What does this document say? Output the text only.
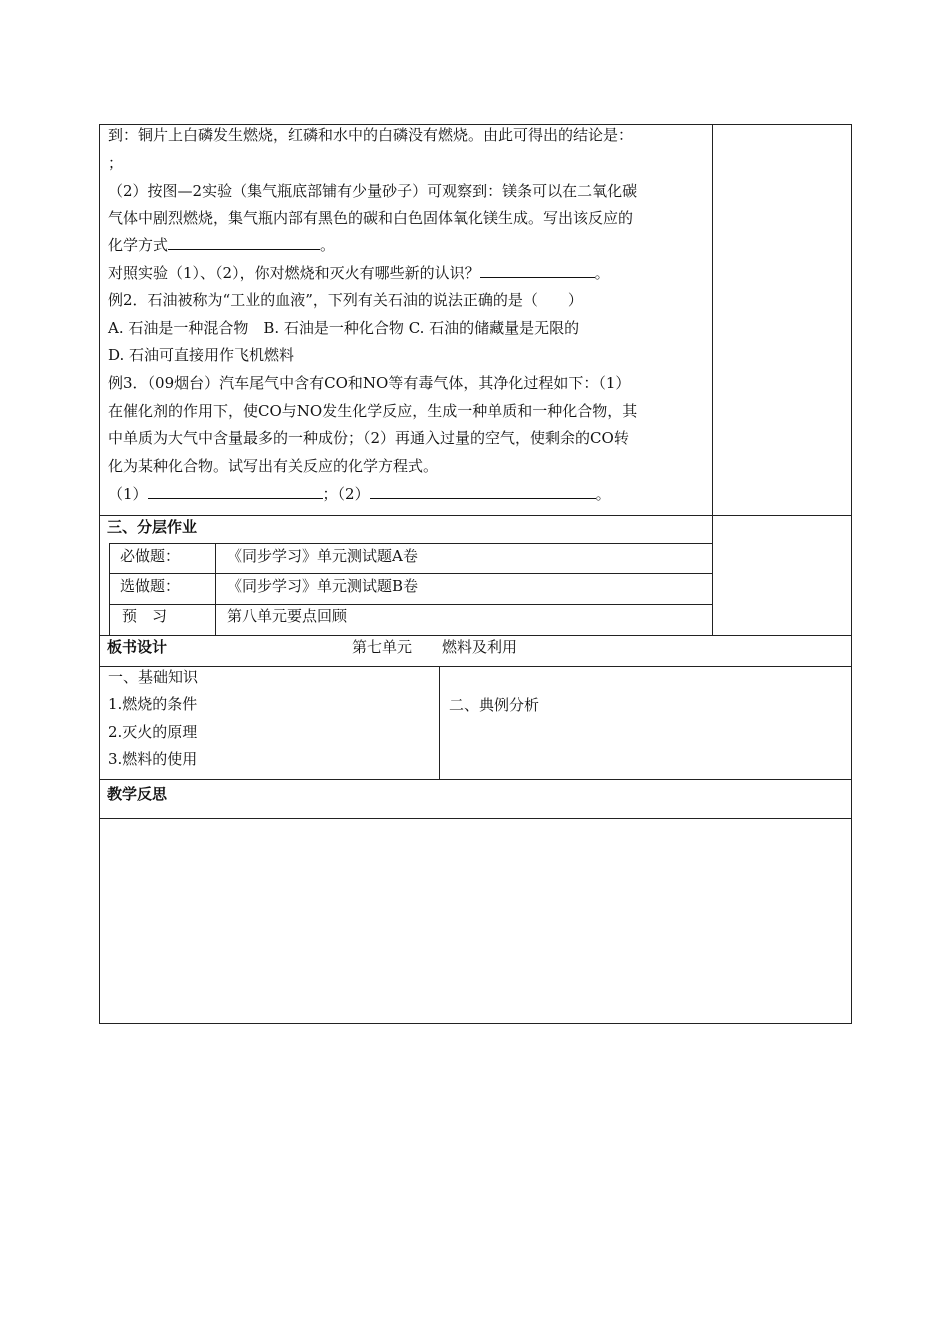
到：铜片上白磷发生燃烧，红磷和水中的白磷没有燃烧。由此可得出的结论是：
；
（2）按图—2实验（集气瓶底部铺有少量砂子）可观察到：镁条可以在二氧化碳
气体中剧烈燃烧，集气瓶内部有黑色的碳和白色固体氧化镁生成。写出该反应的
化学方式	。
对照实验（1）、（2），你对燃烧和灭火有哪些新的认识？	。
例2．石油被称为“工业的血液”，下列有关石油的说法正确的是（　　）
A. 石油是一种混合物　B. 石油是一种化合物 C. 石油的储藏量是无限的
D. 石油可直接用作飞机燃料
例3．（09烟台）汽车尾气中含有CO和NO等有毒气体，其净化过程如下：（1）
在催化剂的作用下，使CO与NO发生化学反应，生成一种单质和一种化合物，其
中单质为大气中含量最多的一种成份；（2）再通入过量的空气，使剩余的CO转
化为某种化合物。试写出有关反应的化学方程式。
（1）	；（2）	。
三、分层作业
必做题：	《同步学习》单元测试题A卷
选做题：	《同步学习》单元测试题B卷
预　习	第八单元要点回顾
板书设计	第七单元　　燃料及利用
一、基础知识
1.燃烧的条件
2.灭火的原理
3.燃料的使用
二、典例分析
教学反思
